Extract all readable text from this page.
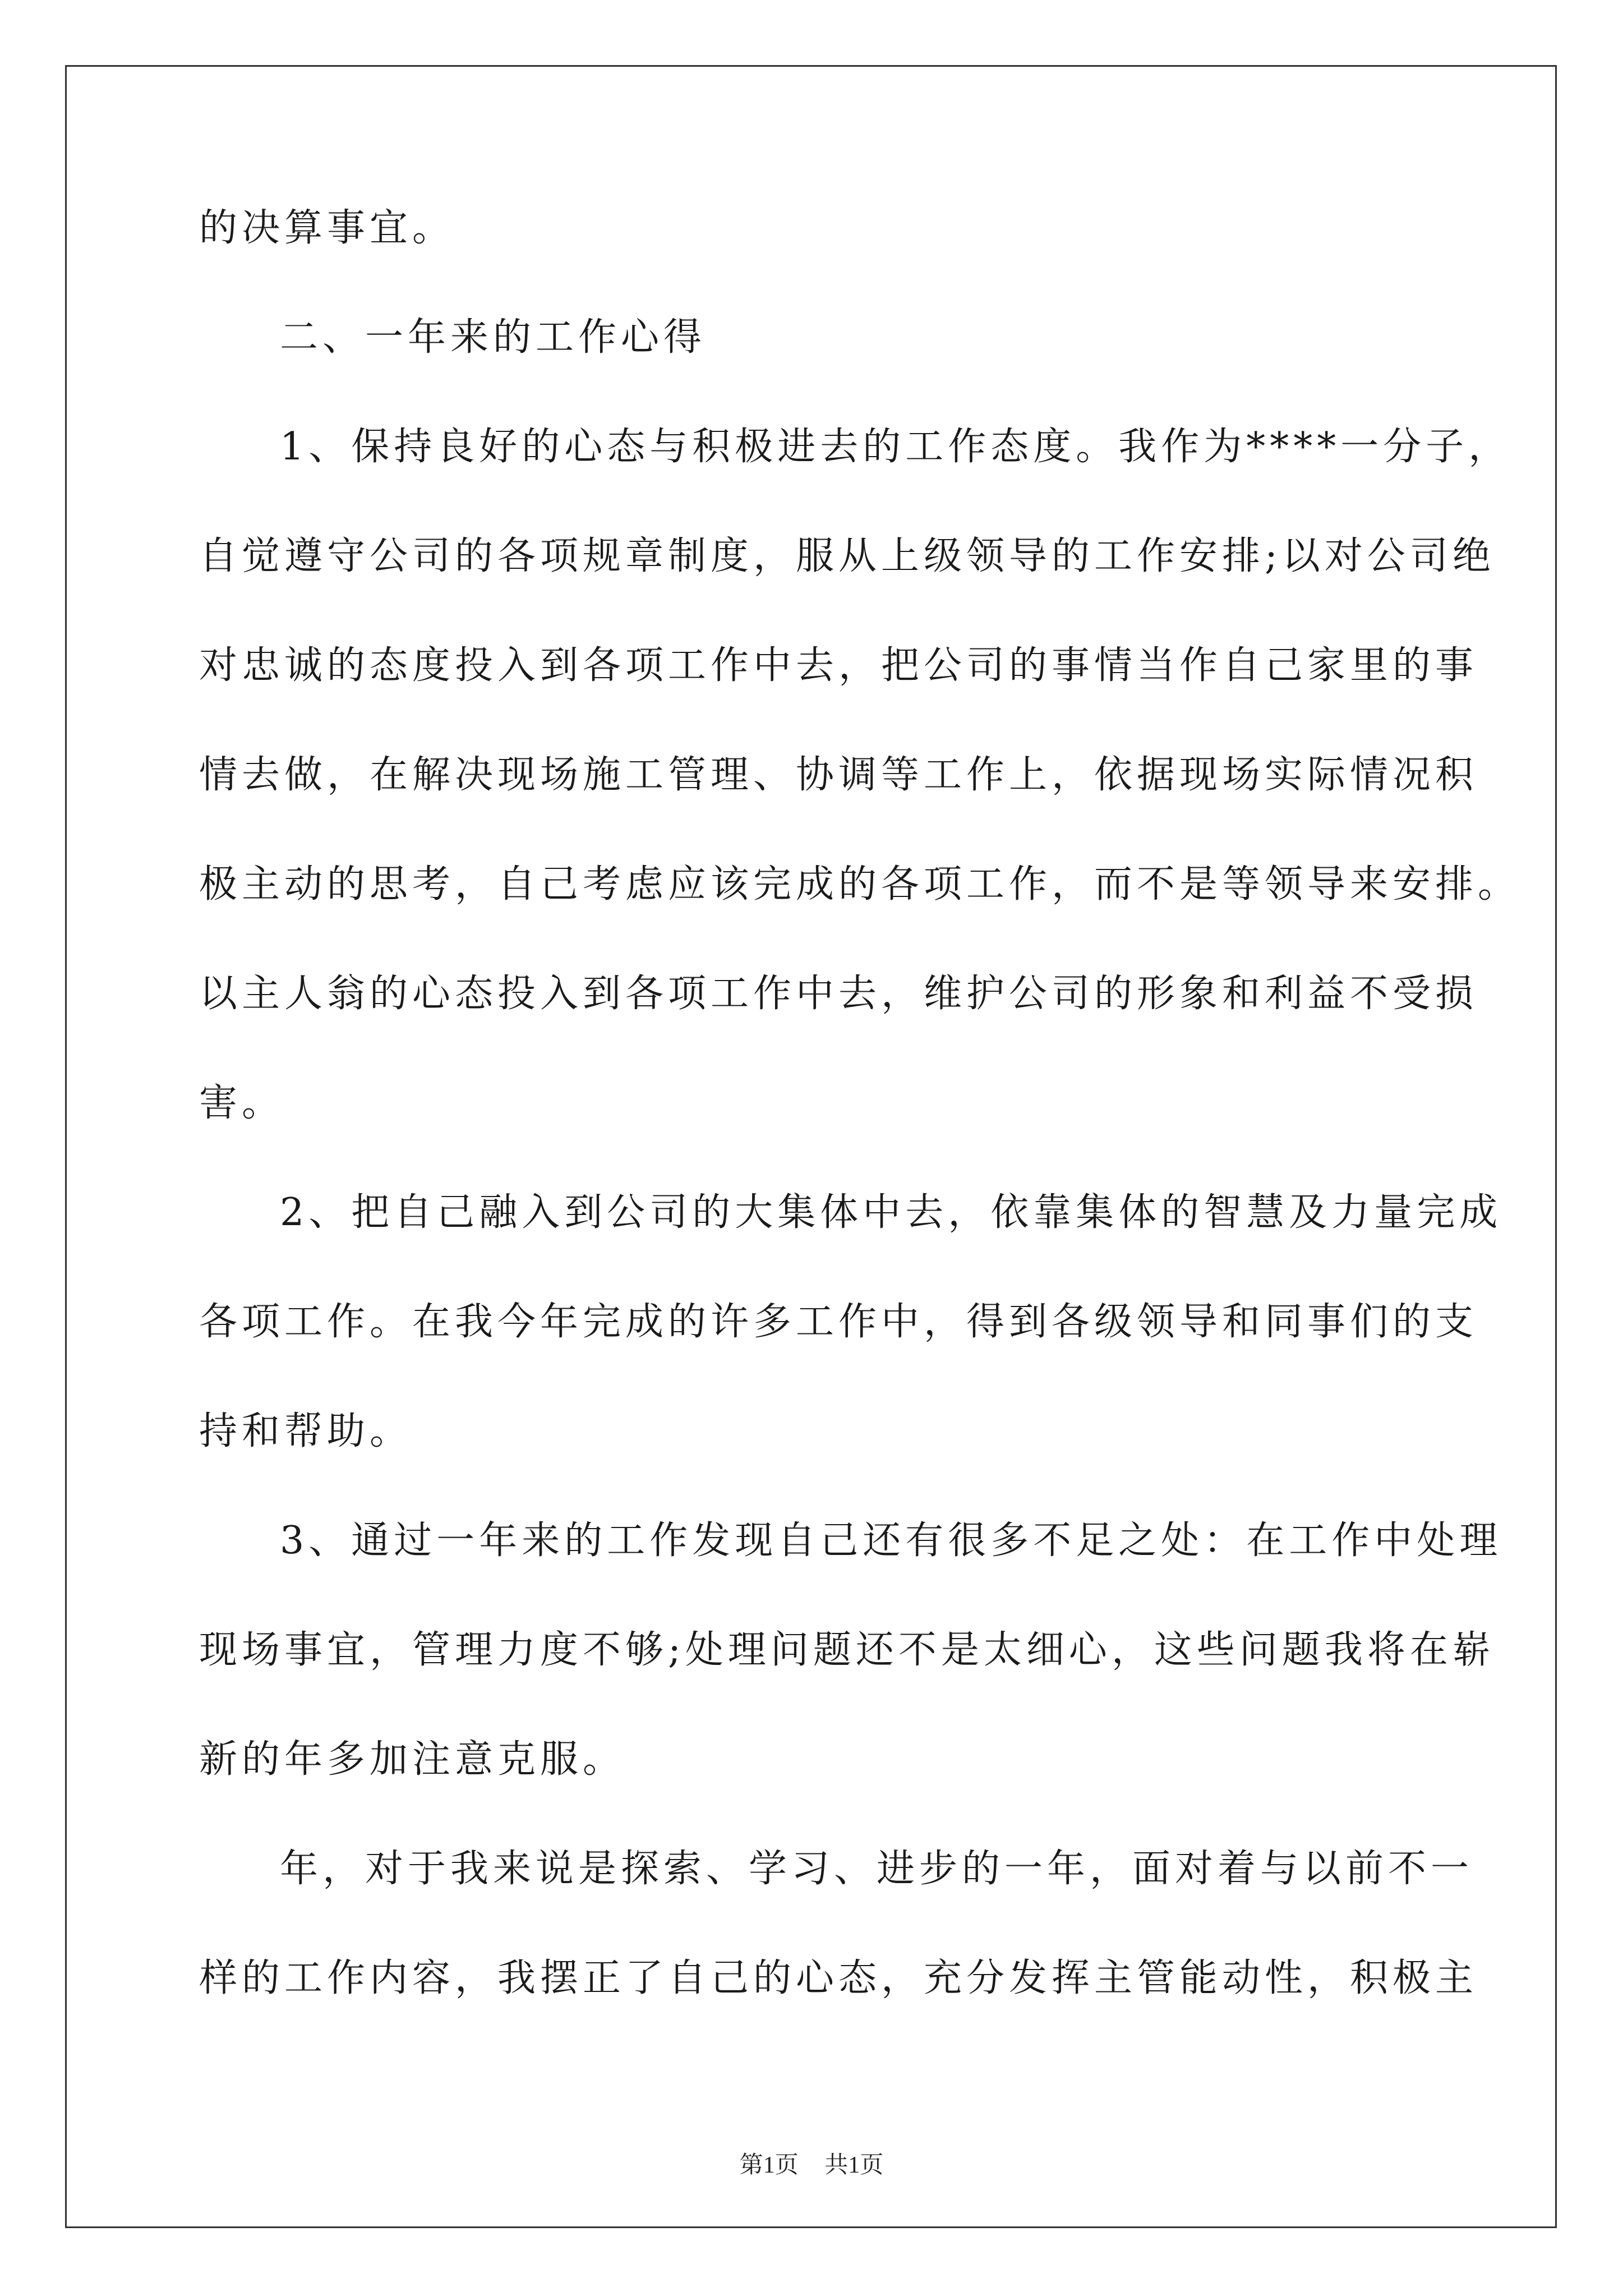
的决算事宜。
二、一年来的工作心得
1、保持良好的心态与积极进去的工作态度。我作为****一分子，
自觉遵守公司的各项规章制度，服从上级领导的工作安排;以对公司绝
对忠诚的态度投入到各项工作中去，把公司的事情当作自己家里的事
情去做，在解决现场施工管理、协调等工作上，依据现场实际情况积
极主动的思考，自己考虑应该完成的各项工作，而不是等领导来安排。
以主人翁的心态投入到各项工作中去，维护公司的形象和利益不受损
害。
2、把自己融入到公司的大集体中去，依靠集体的智慧及力量完成
各项工作。在我今年完成的许多工作中，得到各级领导和同事们的支
持和帮助。
3、通过一年来的工作发现自己还有很多不足之处：在工作中处理
现场事宜，管理力度不够;处理问题还不是太细心，这些问题我将在崭
新的年多加注意克服。
年，对于我来说是探索、学习、进步的一年，面对着与以前不一
样的工作内容，我摆正了自己的心态，充分发挥主管能动性，积极主
第1页 共1页
